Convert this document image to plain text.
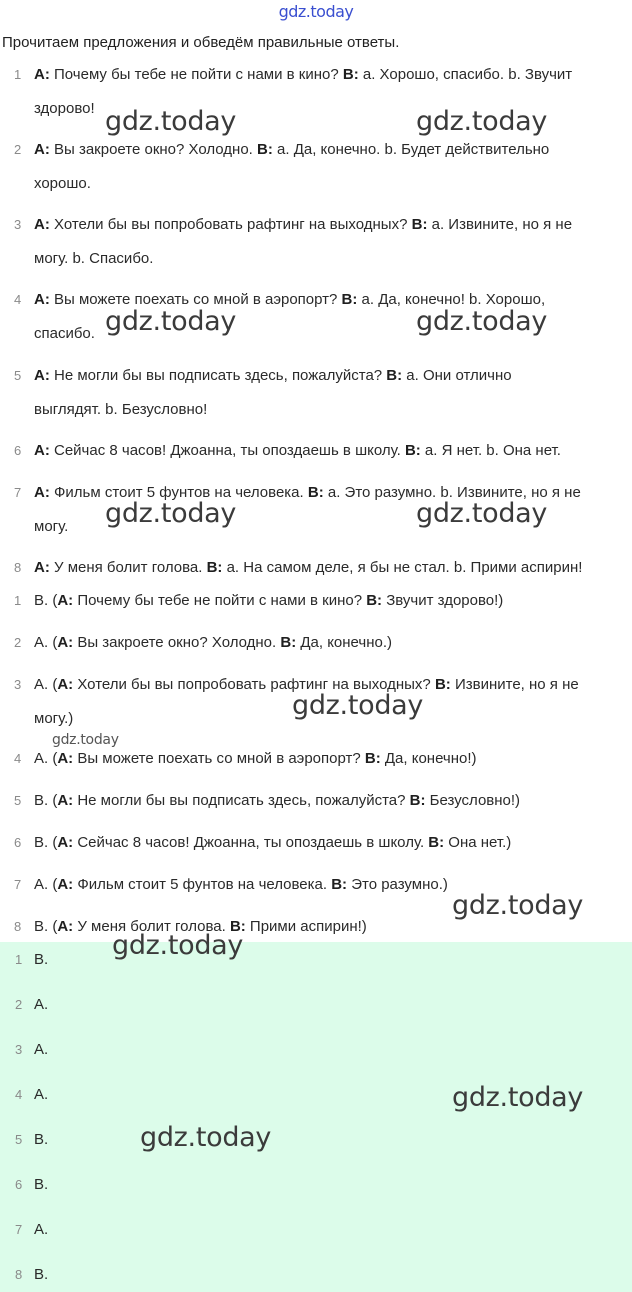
gdz.today
Прочитаем предложения и обведём правильные ответы.
1 A: Почему бы тебе не пойти с нами в кино? B: a. Хорошо, спасибо. b. Звучит
здорово!
2 A: Вы закроете окно? Холодно. B: a. Да, конечно. b. Будет действительно
хорошо.
3 A: Хотели бы вы попробовать рафтинг на выходных? B: a. Извините, но я не
могу. b. Спасибо.
4 A: Вы можете поехать со мной в аэропорт? B: a. Да, конечно! b. Хорошо,
спасибо.
5 A: Не могли бы вы подписать здесь, пожалуйста? B: a. Они отлично
выглядят. b. Безусловно!
6 A: Сейчас 8 часов! Джоанна, ты опоздаешь в школу. B: a. Я нет. b. Она нет.
7 A: Фильм стоит 5 фунтов на человека. B: a. Это разумно. b. Извините, но я не
могу.
8 A: У меня болит голова. B: a. На самом деле, я бы не стал. b. Прими аспирин!
1 B. (A: Почему бы тебе не пойти с нами в кино? B: Звучит здорово!)
2 A. (A: Вы закроете окно? Холодно. B: Да, конечно.)
3 A. (A: Хотели бы вы попробовать рафтинг на выходных? B: Извините, но я не
могу.)
4 A. (A: Вы можете поехать со мной в аэропорт? B: Да, конечно!)
5 B. (A: Не могли бы вы подписать здесь, пожалуйста? B: Безусловно!)
6 B. (A: Сейчас 8 часов! Джоанна, ты опоздаешь в школу. B: Она нет.)
7 A. (A: Фильм стоит 5 фунтов на человека. B: Это разумно.)
8 B. (A: У меня болит голова. B: Прими аспирин!)
1 B.
2 A.
3 A.
4 A.
5 B.
6 B.
7 A.
8 B.
gdz.today	gdz.today
gdz.today	gdz.today
gdz.today	gdz.today
gdz.today
gdz.today
gdz.today
gdz.today
gdz.today
gdz.today
